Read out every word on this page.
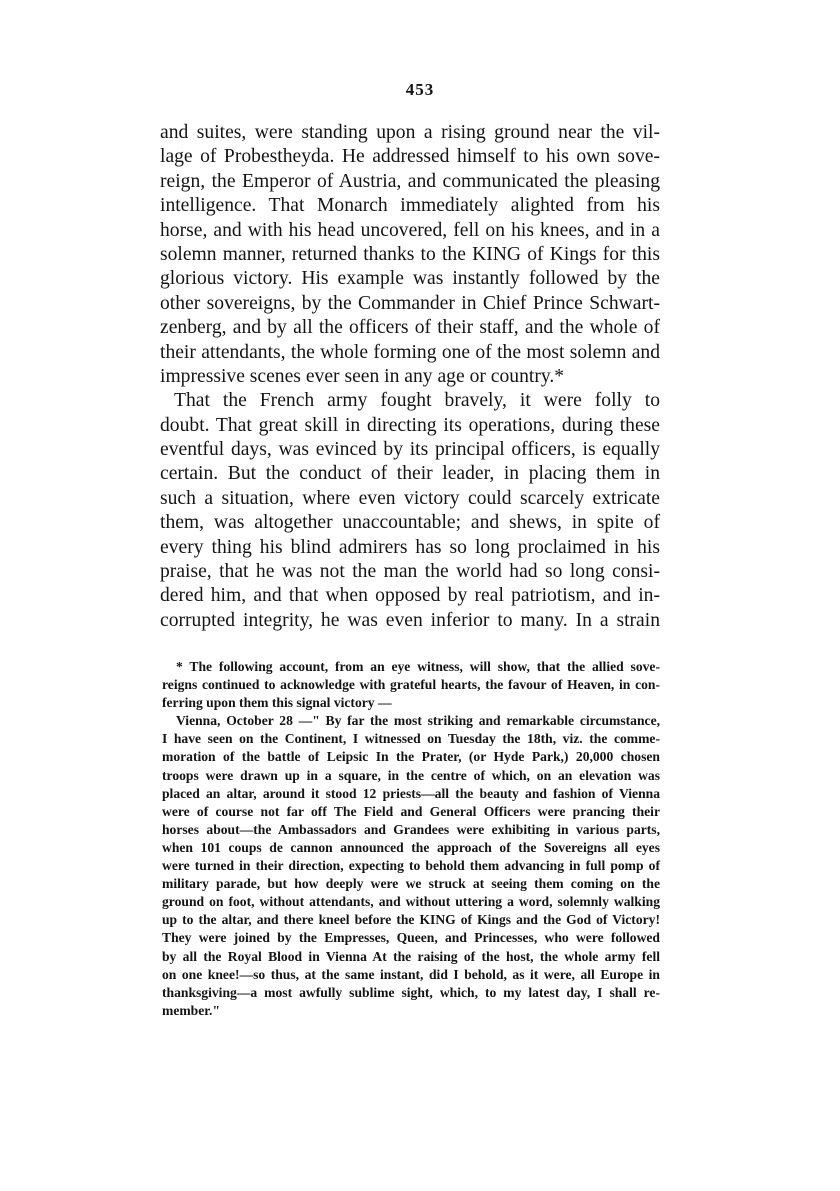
453
and suites, were standing upon a rising ground near the vil-
lage of Probestheyda. He addressed himself to his own sove-
reign, the Emperor of Austria, and communicated the pleasing
intelligence. That Monarch immediately alighted from his
horse, and with his head uncovered, fell on his knees, and in a
solemn manner, returned thanks to the KING of Kings for this
glorious victory. His example was instantly followed by the
other sovereigns, by the Commander in Chief Prince Schwart-
zenberg, and by all the officers of their staff, and the whole of
their attendants, the whole forming one of the most solemn and
impressive scenes ever seen in any age or country.*
That the French army fought bravely, it were folly to
doubt. That great skill in directing its operations, during these
eventful days, was evinced by its principal officers, is equally
certain. But the conduct of their leader, in placing them in
such a situation, where even victory could scarcely extricate
them, was altogether unaccountable; and shews, in spite of
every thing his blind admirers has so long proclaimed in his
praise, that he was not the man the world had so long consi-
dered him, and that when opposed by real patriotism, and in-
corrupted integrity, he was even inferior to many. In a strain
* The following account, from an eye witness, will show, that the allied sove-
reigns continued to acknowledge with grateful hearts, the favour of Heaven, in con-
ferring upon them this signal victory —
Vienna, October 28 —" By far the most striking and remarkable circumstance,
I have seen on the Continent, I witnessed on Tuesday the 18th, viz. the comme-
moration of the battle of Leipsic In the Prater, (or Hyde Park,) 20,000 chosen
troops were drawn up in a square, in the centre of which, on an elevation was
placed an altar, around it stood 12 priests—all the beauty and fashion of Vienna
were of course not far off The Field and General Officers were prancing their
horses about—the Ambassadors and Grandees were exhibiting in various parts,
when 101 coups de cannon announced the approach of the Sovereigns all eyes
were turned in their direction, expecting to behold them advancing in full pomp of
military parade, but how deeply were we struck at seeing them coming on the
ground on foot, without attendants, and without uttering a word, solemnly walking
up to the altar, and there kneel before the KING of Kings and the God of Victory!
They were joined by the Empresses, Queen, and Princesses, who were followed
by all the Royal Blood in Vienna At the raising of the host, the whole army fell
on one knee!—so thus, at the same instant, did I behold, as it were, all Europe in
thanksgiving—a most awfully sublime sight, which, to my latest day, I shall re-
member."
